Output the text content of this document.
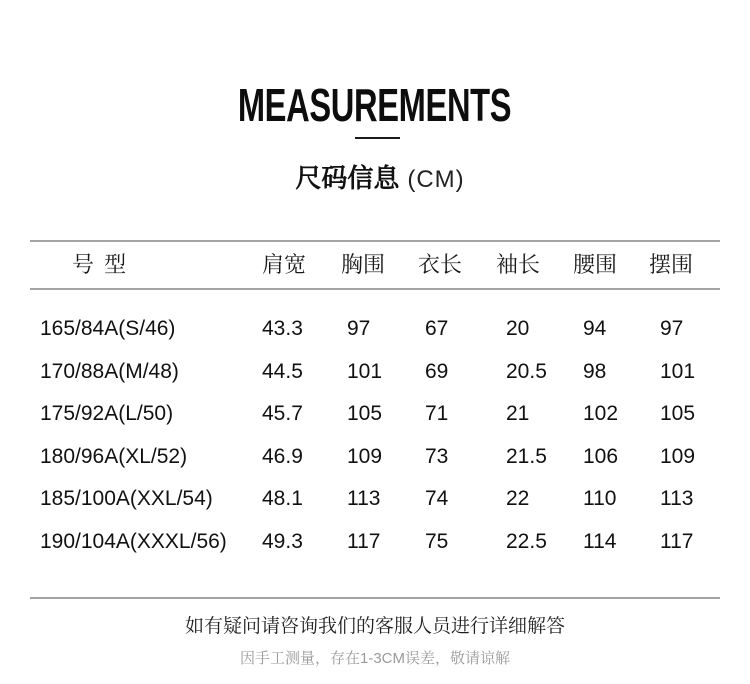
MEASUREMENTS
尺码信息 (CM)
号 型	肩宽 胸围 衣长 袖长 腰围 摆围
165/84A(S/46)	43.3 97	67	20	94	97
170/88A(M/48)	44.5 101 69	20.5 98	101
175/92A(L/50)	45.7 105 71	21	102 105
180/96A(XL/52)	46.9 109 73	21.5 106 109
185/100A(XXL/54) 48.1 113 74	22	110 113
190/104A(XXXL/56) 49.3 117 75	22.5 114 117
如有疑问请咨询我们的客服人员进行详细解答
因手工测量，存在1-3CM误差，敬请谅解
